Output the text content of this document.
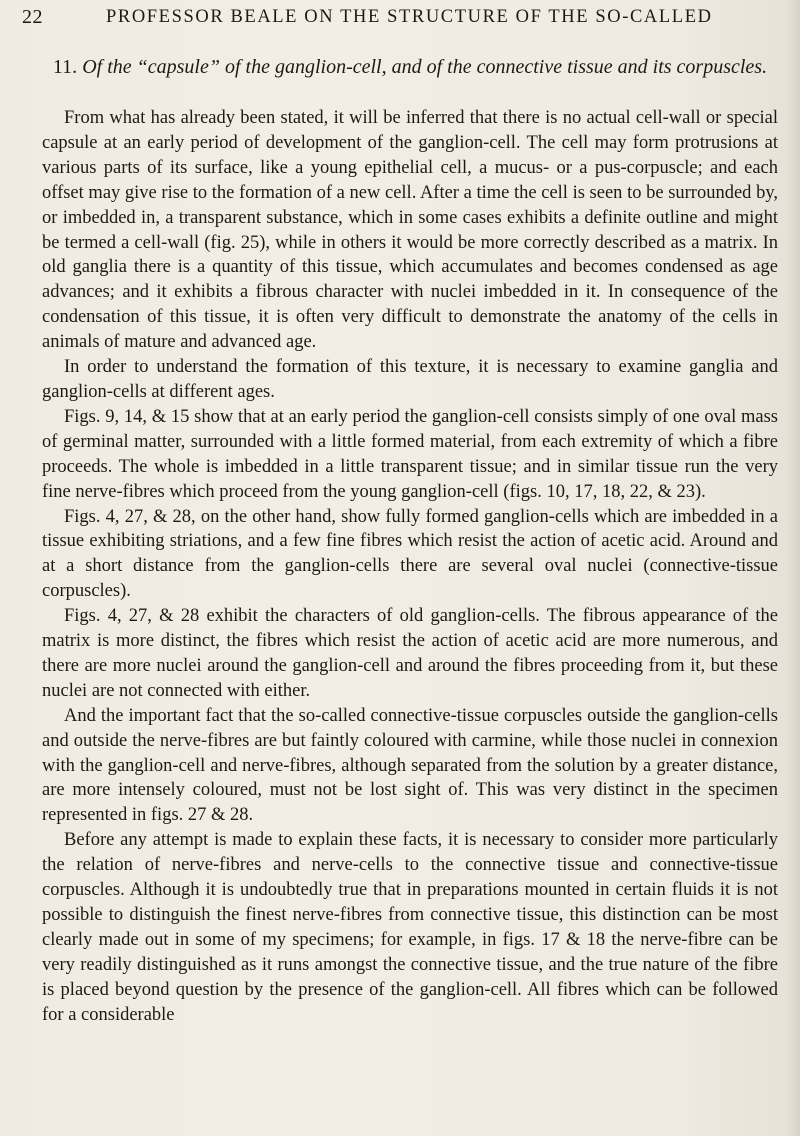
22	PROFESSOR BEALE ON THE STRUCTURE OF THE SO-CALLED
11. Of the “capsule” of the ganglion-cell, and of the connective tissue and its corpuscles.

From what has already been stated, it will be inferred that there is no actual cell-wall or special capsule at an early period of development of the ganglion-cell. The cell may form protrusions at various parts of its surface, like a young epithelial cell, a mucus- or a pus-corpuscle; and each offset may give rise to the formation of a new cell. After a time the cell is seen to be surrounded by, or imbedded in, a transparent substance, which in some cases exhibits a definite outline and might be termed a cell-wall (fig. 25), while in others it would be more correctly described as a matrix. In old ganglia there is a quantity of this tissue, which accumulates and becomes condensed as age advances; and it exhibits a fibrous character with nuclei imbedded in it. In consequence of the condensation of this tissue, it is often very difficult to demonstrate the anatomy of the cells in animals of mature and advanced age.

In order to understand the formation of this texture, it is necessary to examine ganglia and ganglion-cells at different ages.

Figs. 9, 14, & 15 show that at an early period the ganglion-cell consists simply of one oval mass of germinal matter, surrounded with a little formed material, from each extremity of which a fibre proceeds. The whole is imbedded in a little transparent tissue; and in similar tissue run the very fine nerve-fibres which proceed from the young ganglion-cell (figs. 10, 17, 18, 22, & 23).

Figs. 4, 27, & 28, on the other hand, show fully formed ganglion-cells which are imbedded in a tissue exhibiting striations, and a few fine fibres which resist the action of acetic acid. Around and at a short distance from the ganglion-cells there are several oval nuclei (connective-tissue corpuscles).

Figs. 4, 27, & 28 exhibit the characters of old ganglion-cells. The fibrous appearance of the matrix is more distinct, the fibres which resist the action of acetic acid are more numerous, and there are more nuclei around the ganglion-cell and around the fibres proceeding from it, but these nuclei are not connected with either.

And the important fact that the so-called connective-tissue corpuscles outside the ganglion-cells and outside the nerve-fibres are but faintly coloured with carmine, while those nuclei in connexion with the ganglion-cell and nerve-fibres, although separated from the solution by a greater distance, are more intensely coloured, must not be lost sight of. This was very distinct in the specimen represented in figs. 27 & 28.

Before any attempt is made to explain these facts, it is necessary to consider more particularly the relation of nerve-fibres and nerve-cells to the connective tissue and connective-tissue corpuscles. Although it is undoubtedly true that in preparations mounted in certain fluids it is not possible to distinguish the finest nerve-fibres from connective tissue, this distinction can be most clearly made out in some of my specimens; for example, in figs. 17 & 18 the nerve-fibre can be very readily distinguished as it runs amongst the connective tissue, and the true nature of the fibre is placed beyond question by the presence of the ganglion-cell. All fibres which can be followed for a considerable
